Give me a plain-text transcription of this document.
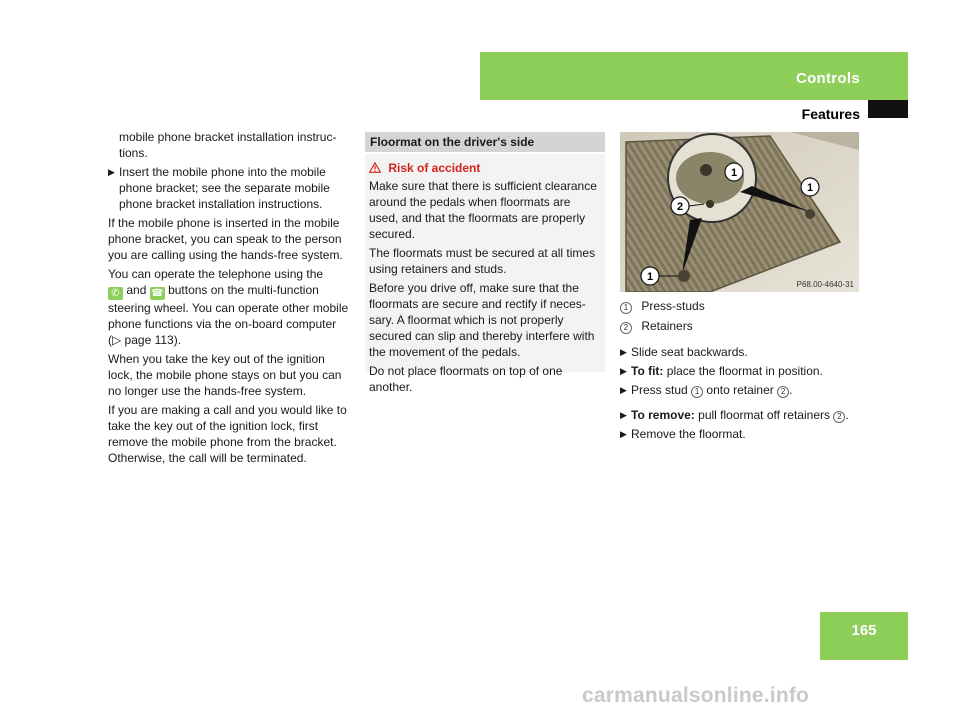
Controls
Features

mobile phone bracket installation instruc- tions.

▶ Insert the mobile phone into the mobile phone bracket; see the separate mobile phone bracket installation instructions.

If the mobile phone is inserted in the mobile phone bracket, you can speak to the person you are calling using the hands-free system.

You can operate the telephone using the
✆ and ☎ buttons on the multi-function steering wheel. You can operate other mobile phone functions via the on-board computer
(▷ page 113).

When you take the key out of the ignition lock, the mobile phone stays on but you can no longer use the hands-free system.

If you are making a call and you would like to take the key out of the ignition lock, first remove the mobile phone from the bracket. Otherwise, the call will be terminated.

Floormat on the driver's side
Risk of accident

Make sure that there is sufficient clearance around the pedals when floormats are used, and that the floormats are properly secured.

The floormats must be secured at all times using retainers and studs.

Before you drive off, make sure that the floormats are secure and rectify if neces- sary. A floormat which is not properly secured can slip and thereby interfere with the movement of the pedals.

Do not place floormats on top of one another.

1
2
1
1
P68.00-4640-31
1 Press-studs
2 Retainers
▶ Slide seat backwards.
▶ To fit: place the floormat in position.
▶ Press stud 1 onto retainer 2 .
▶ To remove: pull floormat off retainers 2 .
▶ Remove the floormat.
165
carmanualsonline.info
